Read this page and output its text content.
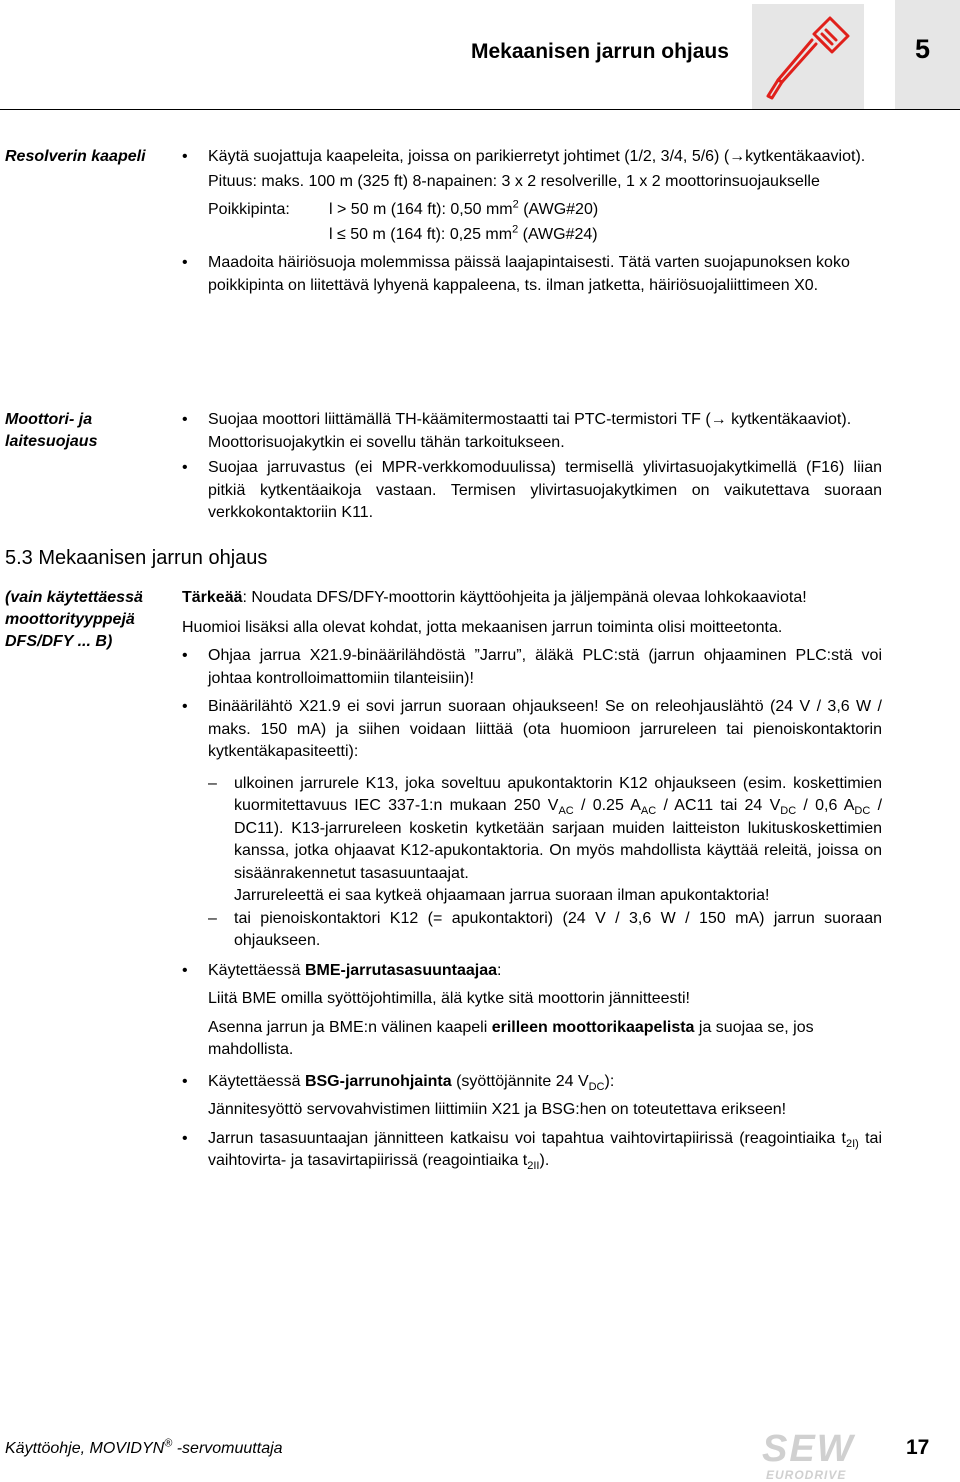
Mekaanisen jarrun ohjaus	5
Resolverin kaapeli	• Käytä suojattuja kaapeleita, joissa on parikierretyt johtimet (1/2, 3/4, 5/6) (→kytkentäkaaviot).

Pituus: maks. 100 m (325 ft) 8-napainen: 3 x 2 resolverille, 1 x 2 moottorinsuojaukselle

Poikkipinta: l > 50 m (164 ft): 0,50 $mm^2$ (AWG#20)
l ≤ 50 m (164 ft): 0,25 $mm^2$ (AWG#24)

• Maadoita häiriösuoja molemmissa päissä laajapintaisesti. Tätä varten suojapunoksen koko poikkipinta on liitettävä lyhyenä kappaleena, ts. ilman jatketta, häiriösuojaliittimeen X0.

Moottori- ja laitesuojaus

• Suojaa moottori liittämällä TH-käämitermostaatti tai PTC-termistori TF (→ kytkentäkaaviot). Moottorisuojakytkin ei sovellu tähän tarkoitukseen.

• Suojaa jarruvastus (ei MPR-verkkomoduulissa) termisellä ylivirtasuojakytkimellä (F16) liian pitkiä kytkentäaikoja vastaan. Termisen ylivirtasuojakytkimen on vaikutettava suoraan verkkokontaktoriin K11.

5.3 Mekaanisen jarrun ohjaus
(vain käytettäessä moottorityyppejä DFS/DFY ... B)

Tärkeää: Noudata DFS/DFY-moottorin käyttöohjeita ja jäljempänä olevaa lohkokaaviota!

Huomioi lisäksi alla olevat kohdat, jotta mekaanisen jarrun toiminta olisi moitteetonta.

• Ohjaa jarrua X21.9-binäärilähdöstä ”Jarru”, äläkä PLC:stä (jarrun ohjaaminen PLC:stä voi johtaa kontrolloimattomiin tilanteisiin)!

• Binäärilähtö X21.9 ei sovi jarrun suoraan ohjaukseen! Se on releohjauslähtö (24 V / 3,6 W / maks. 150 mA) ja siihen voidaan liittää (ota huomioon jarrureleen tai pienoiskontaktorin kytkentäkapasiteetti):

– ulkoinen jarrurele K13, joka soveltuu apukontaktorin K12 ohjaukseen (esim. koskettimien kuormitettavuus IEC 337-1:n mukaan 250 $V_{AC} / 0.25$ $A_{AC} / AC11$ tai 24 $V_{DC} / 0,6$ $A_{DC} / DC11$). K13-jarrureleen kosketin kytketään sarjaan muiden laitteiston lukituskoskettimien kanssa, jotka ohjaavat K12-apukontaktoria. On myös mahdollista käyttää releitä, joissa on sisäänrakennetut tasasuuntaajat.
Jarrureleettä ei saa kytkeä ohjaamaan jarrua suoraan ilman apukontaktoria!

– tai pienoiskontaktori K12 (= apukontaktori) (24 V / 3,6 W / 150 mA) jarrun suoraan ohjaukseen.

• Käytettäessä BME-jarrutasasuuntaajaa:

Liitä BME omilla syöttöjohtimilla, älä kytke sitä moottorin jännitteesti!

Asenna jarrun ja BME:n välinen kaapeli erilleen moottorikaapelista ja suojaa se, jos mahdollista.

• Käytettäessä BSG-jarrunohjainta (syöttöjännite 24 $V_{DC}$):

Jännitesyöttö servovahvistimen liittimiin X21 ja BSG:hen on toteutettava erikseen!

• Jarrun tasasuuntaajan jännitteen katkaisu voi tapahtua vaihtovirtapiirissä (reagointiaika $t_{2I)}$ tai vaihtovirta- ja tasavirtapiirissä (reagointiaika $t_{2II}$).

Käyttöohje, MOVIDYN® -servomuuttaja	SEW
EURODRIVE
17
